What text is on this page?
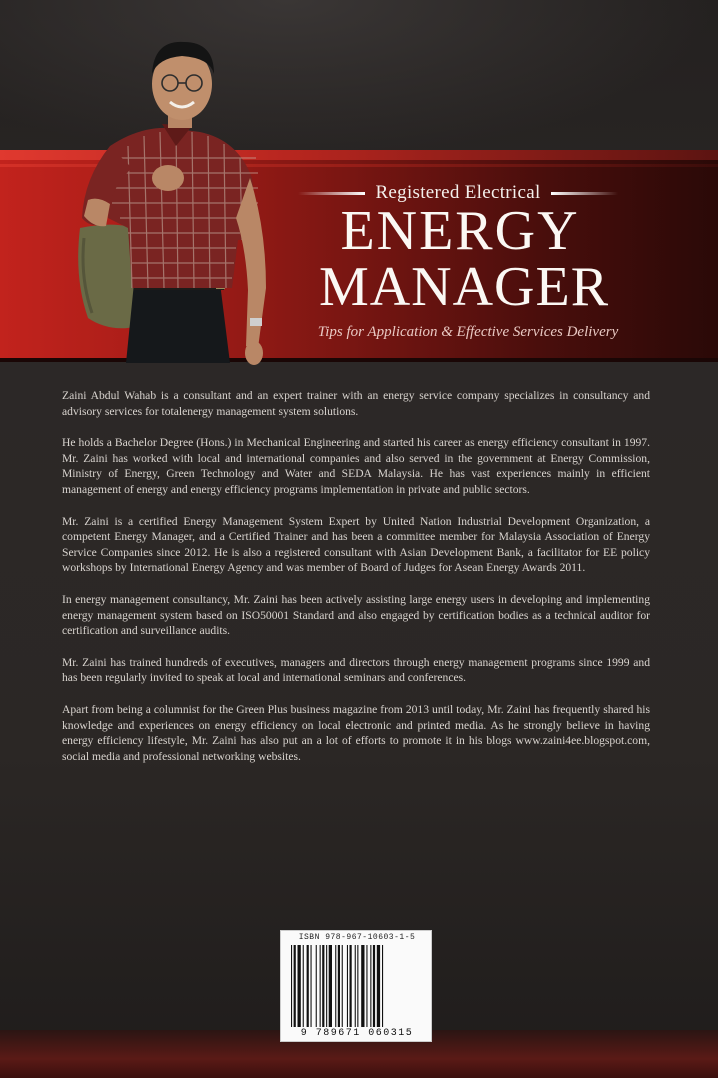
Registered Electrical
ENERGY
MANAGER
Tips for Application & Effective Services Delivery

Zaini Abdul Wahab is a consultant and an expert trainer with an energy service company specializes in consultancy and advisory services for totalenergy management system solutions.

He holds a Bachelor Degree (Hons.) in Mechanical Engineering and started his career as energy efficiency consultant in 1997. Mr. Zaini has worked with local and international companies and also served in the government at Energy Commission, Ministry of Energy, Green Technology and Water and SEDA Malaysia. He has vast experiences mainly in efficient management of energy and energy efficiency programs implementation in private and public sectors.

Mr. Zaini is a certified Energy Management System Expert by United Nation Industrial Development Organization, a competent Energy Manager, and a Certified Trainer and has been a committee member for Malaysia Association of Energy Service Companies since 2012. He is also a registered consultant with Asian Development Bank, a facilitator for EE policy workshops by International Energy Agency and was member of Board of Judges for Asean Energy Awards 2011.

In energy management consultancy, Mr. Zaini has been actively assisting large energy users in developing and implementing energy management system based on ISO50001 Standard and also engaged by certification bodies as a technical auditor for certification and surveillance audits.

Mr. Zaini has trained hundreds of executives, managers and directors through energy management programs since 1999 and has been regularly invited to speak at local and international seminars and conferences.

Apart from being a columnist for the Green Plus business magazine from 2013 until today, Mr. Zaini has frequently shared his knowledge and experiences on energy efficiency on local electronic and printed media. As he strongly believe in having energy efficiency lifestyle, Mr. Zaini has also put an a lot of efforts to promote it in his blogs www.zaini4ee.blogspot.com, social media and professional networking websites.

ISBN 978-967-10603-1-5
9 789671 060315
